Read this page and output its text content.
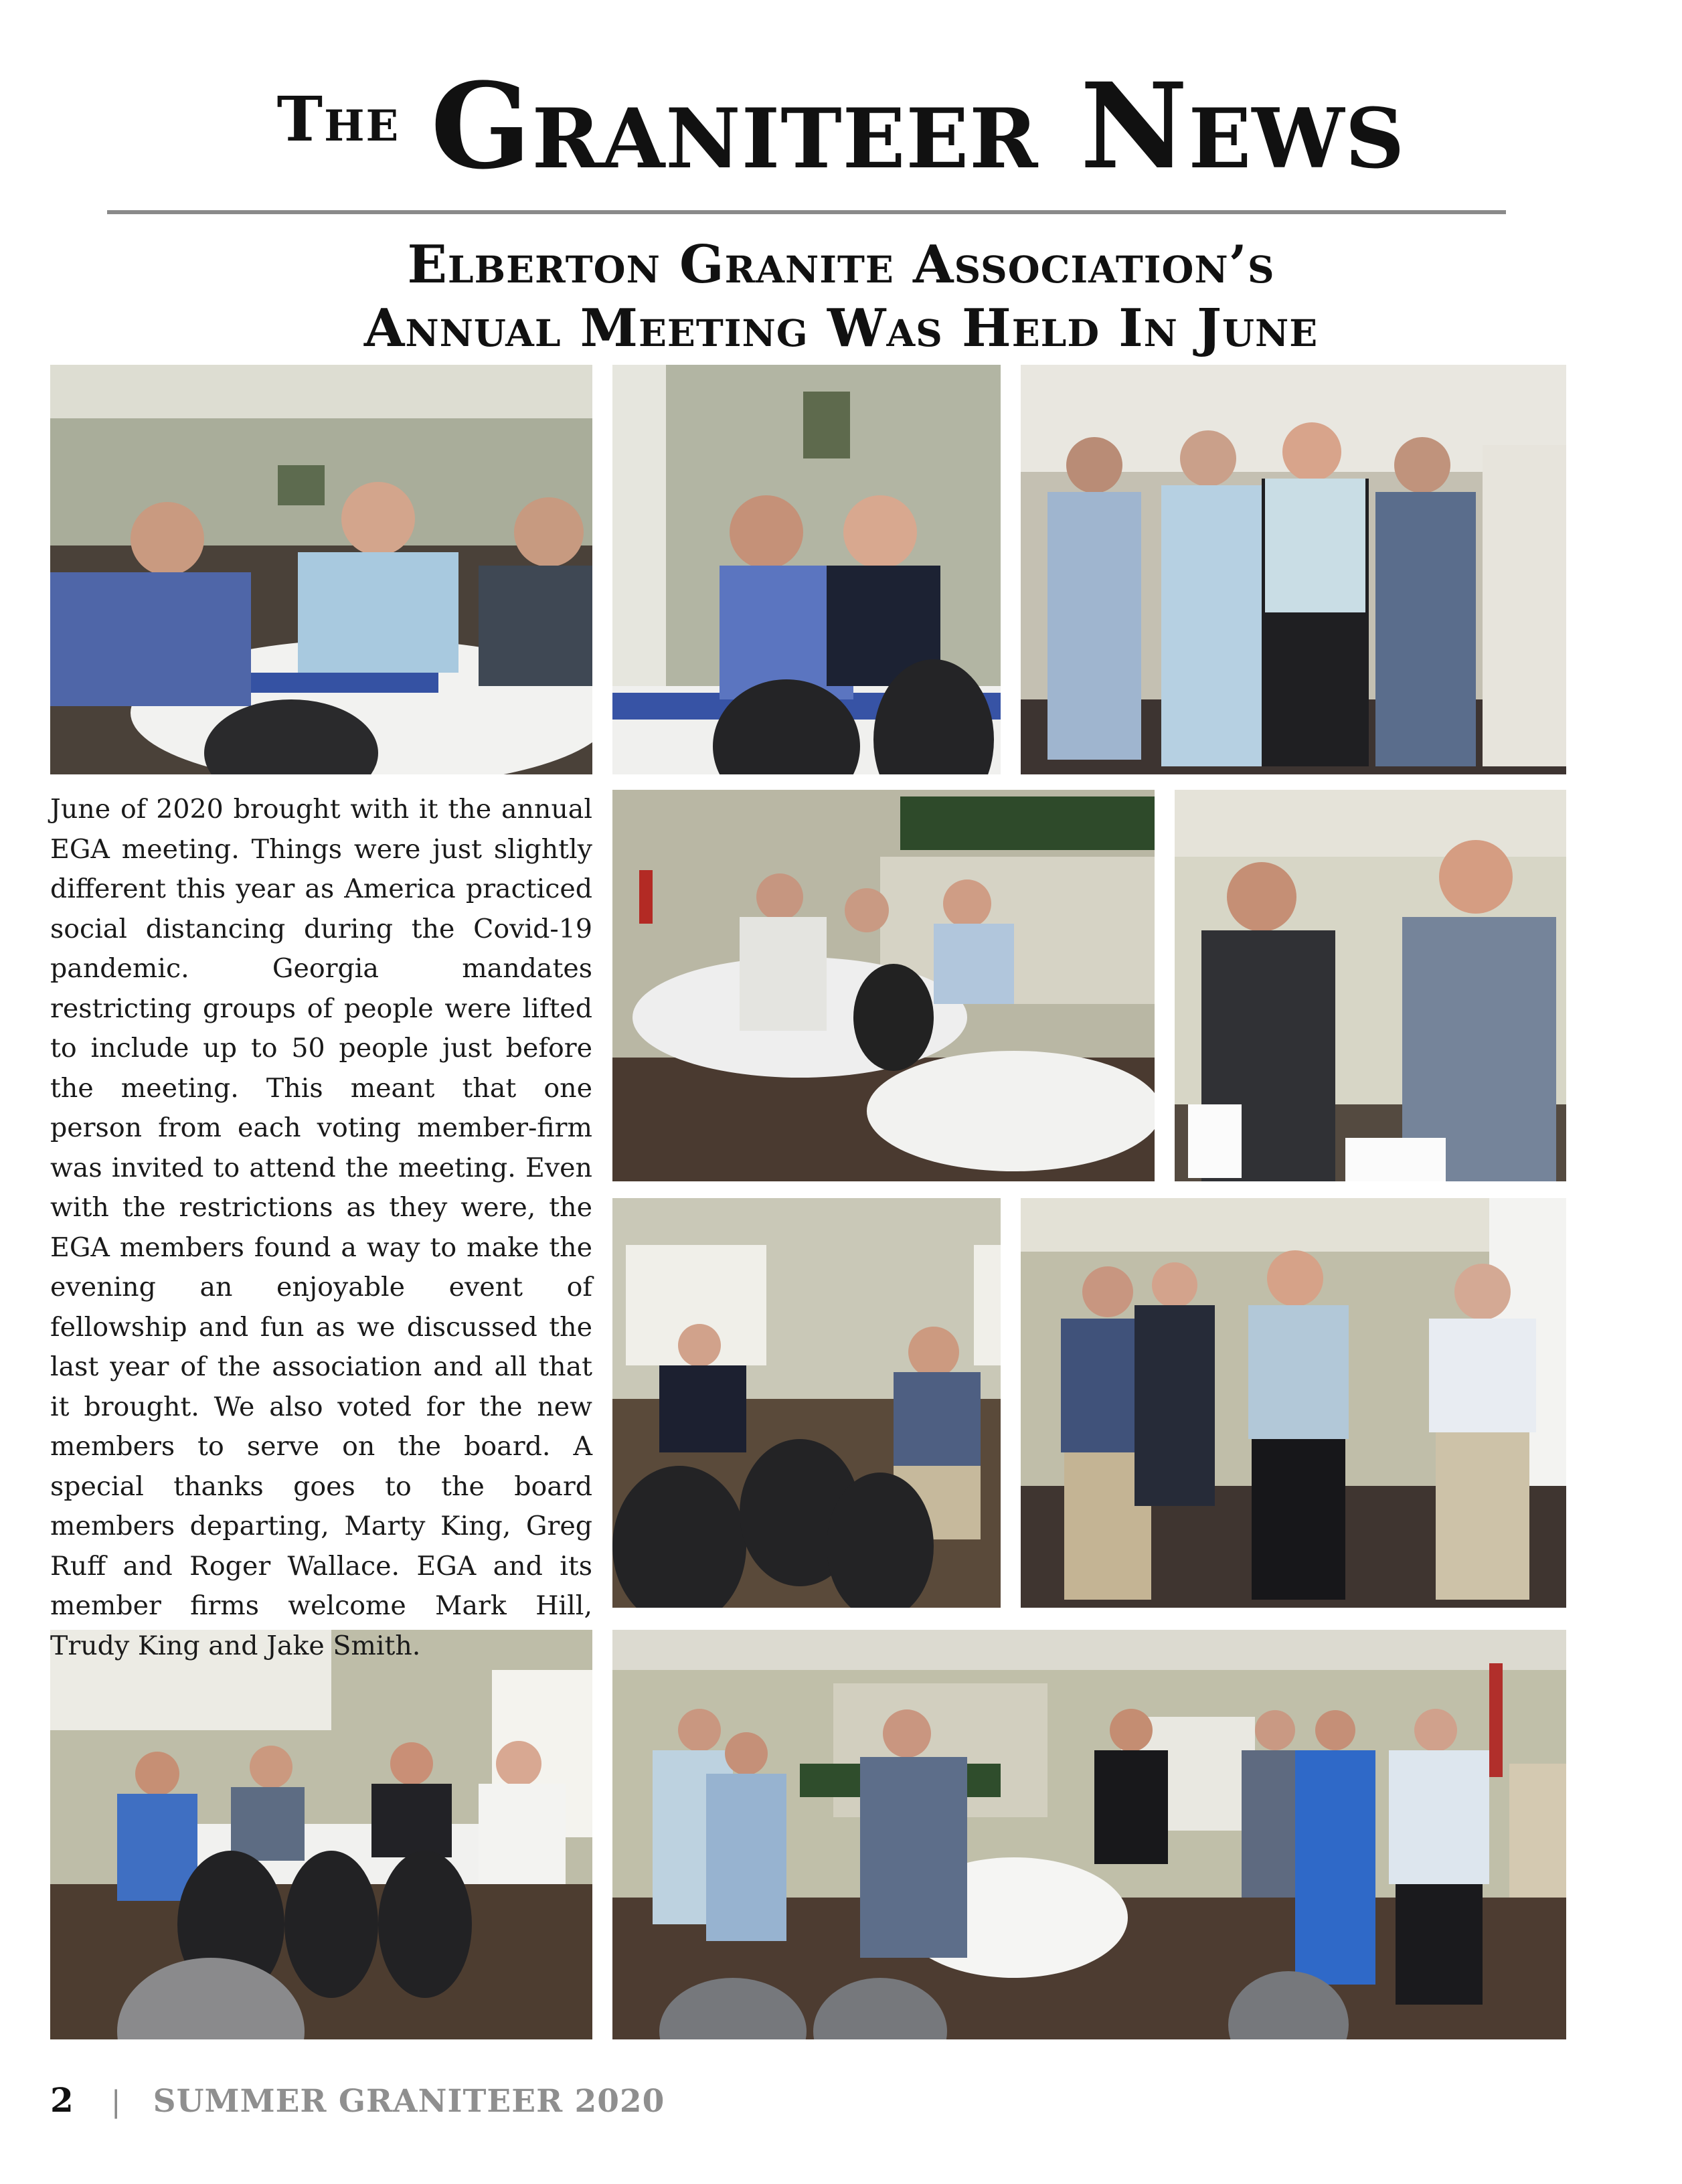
The Graniteer News
Elberton Granite Association’s
Annual Meeting Was Held In June
June of 2020 brought with it the annual EGA meeting. Things were just slightly different this year as America practiced social distancing during the Covid-19 pandemic. Georgia mandates restricting groups of people were lifted to include up to 50 people just before the meeting. This meant that one person from each voting member-firm was invited to attend the meeting. Even with the restrictions as they were, the EGA members found a way to make the evening an enjoyable event of fellowship and fun as we discussed the last year of the association and all that it brought. We also voted for the new members to serve on the board. A special thanks goes to the board members departing, Marty King, Greg Ruff and Roger Wallace. EGA and its member firms welcome Mark Hill, Trudy King and Jake Smith.
2 | SUMMER GRANITEER 2020
